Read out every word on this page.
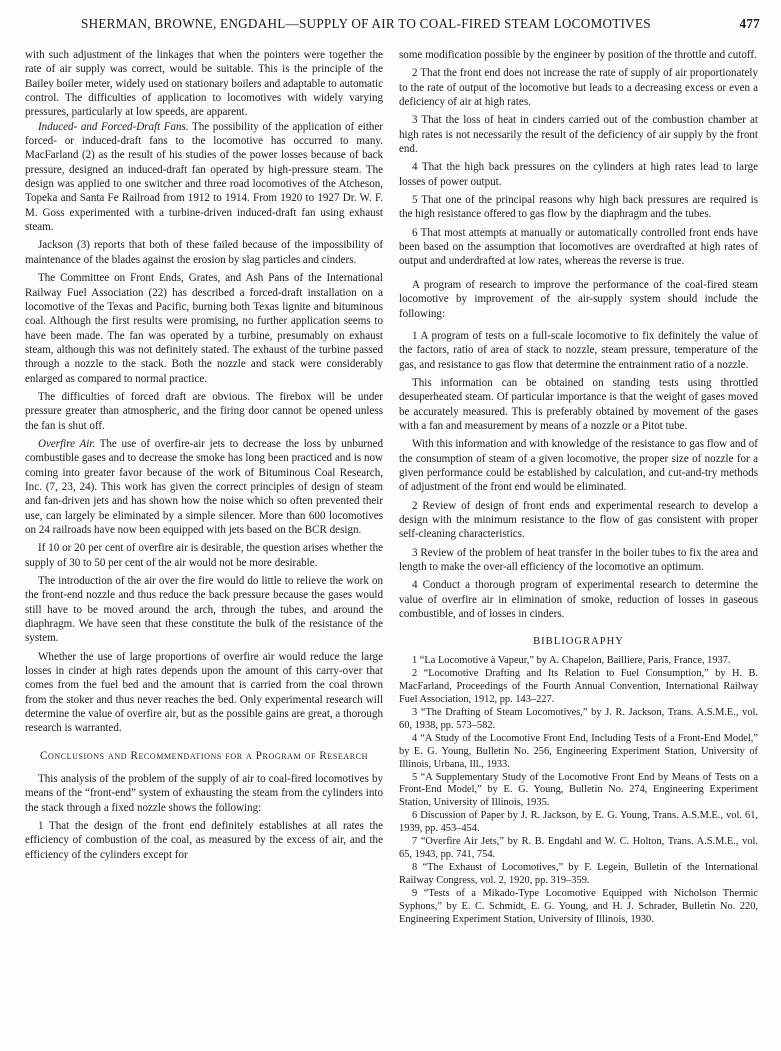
SHERMAN, BROWNE, ENGDAHL—SUPPLY OF AIR TO COAL-FIRED STEAM LOCOMOTIVES	477

with such adjustment of the linkages that when the pointers were together the rate of air supply was correct, would be suitable. This is the principle of the Bailey boiler meter, widely used on stationary boilers and adaptable to automatic control. The difficulties of application to locomotives with widely varying pressures, particularly at low speeds, are apparent.

Induced- and Forced-Draft Fans. The possibility of the application of either forced- or induced-draft fans to the locomotive has occurred to many. MacFarland (2) as the result of his studies of the power losses because of back pressure, designed an induced-draft fan operated by high-pressure steam. The design was applied to one switcher and three road locomotives of the Atcheson, Topeka and Santa Fe Railroad from 1912 to 1914. From 1920 to 1927 Dr. W. F. M. Goss experimented with a turbine-driven induced-draft fan using exhaust steam.

Jackson (3) reports that both of these failed because of the impossibility of maintenance of the blades against the erosion by slag particles and cinders.

The Committee on Front Ends, Grates, and Ash Pans of the International Railway Fuel Association (22) has described a forced-draft installation on a locomotive of the Texas and Pacific, burning both Texas lignite and bituminous coal. Although the first results were promising, no further application seems to have been made. The fan was operated by a turbine, presumably on exhaust steam, although this was not definitely stated. The exhaust of the turbine passed through a nozzle to the stack. Both the nozzle and stack were considerably enlarged as compared to normal practice.

The difficulties of forced draft are obvious. The firebox will be under pressure greater than atmospheric, and the firing door cannot be opened unless the fan is shut off.

Overfire Air. The use of overfire-air jets to decrease the loss by unburned combustible gases and to decrease the smoke has long been practiced and is now coming into greater favor because of the work of Bituminous Coal Research, Inc. (7, 23, 24). This work has given the correct principles of design of steam and fan-driven jets and has shown how the noise which so often prevented their use, can largely be eliminated by a simple silencer. More than 600 locomotives on 24 railroads have now been equipped with jets based on the BCR design.

If 10 or 20 per cent of overfire air is desirable, the question arises whether the supply of 30 to 50 per cent of the air would not be more desirable.

The introduction of the air over the fire would do little to relieve the work on the front-end nozzle and thus reduce the back pressure because the gases would still have to be moved around the arch, through the tubes, and around the diaphragm. We have seen that these constitute the bulk of the resistance of the system.

Whether the use of large proportions of overfire air would reduce the large losses in cinder at high rates depends upon the amount of this carry-over that comes from the fuel bed and the amount that is carried from the coal thrown from the stoker and thus never reaches the bed. Only experimental research will determine the value of overfire air, but as the possible gains are great, a thorough research is warranted.

Conclusions and Recommendations for a Program of Research

This analysis of the problem of the supply of air to coal-fired locomotives by means of the “front-end” system of exhausting the steam from the cylinders into the stack through a fixed nozzle shows the following:

1 That the design of the front end definitely establishes at all rates the efficiency of combustion of the coal, as measured by the excess of air, and the efficiency of the cylinders except for

some modification possible by the engineer by position of the throttle and cutoff.

2 That the front end does not increase the rate of supply of air proportionately to the rate of output of the locomotive but leads to a decreasing excess or even a deficiency of air at high rates.

3 That the loss of heat in cinders carried out of the combustion chamber at high rates is not necessarily the result of the deficiency of air supply by the front end.

4 That the high back pressures on the cylinders at high rates lead to large losses of power output.

5 That one of the principal reasons why high back pressures are required is the high resistance offered to gas flow by the diaphragm and the tubes.

6 That most attempts at manually or automatically controlled front ends have been based on the assumption that locomotives are overdrafted at high rates of output and underdrafted at low rates, whereas the reverse is true.

A program of research to improve the performance of the coal-fired steam locomotive by improvement of the air-supply system should include the following:

1 A program of tests on a full-scale locomotive to fix definitely the value of the factors, ratio of area of stack to nozzle, steam pressure, temperature of the gas, and resistance to gas flow that determine the entrainment ratio of a nozzle.

This information can be obtained on standing tests using throttled desuperheated steam. Of particular importance is that the weight of gases moved be accurately measured. This is preferably obtained by movement of the gases with a fan and measurement by means of a nozzle or a Pitot tube.

With this information and with knowledge of the resistance to gas flow and of the consumption of steam of a given locomotive, the proper size of nozzle for a given performance could be established by calculation, and cut-and-try methods of adjustment of the front end would be eliminated.

2 Review of design of front ends and experimental research to develop a design with the minimum resistance to the flow of gas consistent with proper self-cleaning characteristics.

3 Review of the problem of heat transfer in the boiler tubes to fix the area and length to make the over-all efficiency of the locomotive an optimum.

4 Conduct a thorough program of experimental research to determine the value of overfire air in elimination of smoke, reduction of losses in gaseous combustible, and of losses in cinders.

BIBLIOGRAPHY

1 “La Locomotive à Vapeur,” by A. Chapelon, Bailliere, Paris, France, 1937.

2 “Locomotive Drafting and Its Relation to Fuel Consumption,” by H. B. MacFarland, Proceedings of the Fourth Annual Convention, International Railway Fuel Association, 1912, pp. 143–227.

3 “The Drafting of Steam Locomotives,” by J. R. Jackson, Trans. A.S.M.E., vol. 60, 1938, pp. 573–582.

4 “A Study of the Locomotive Front End, Including Tests of a Front-End Model,” by E. G. Young, Bulletin No. 256, Engineering Experiment Station, University of Illinois, Urbana, Ill., 1933.

5 “A Supplementary Study of the Locomotive Front End by Means of Tests on a Front-End Model,” by E. G. Young, Bulletin No. 274, Engineering Experiment Station, University of Illinois, 1935.

6 Discussion of Paper by J. R. Jackson, by E. G. Young, Trans. A.S.M.E., vol. 61, 1939, pp. 453–454.

7 “Overfire Air Jets,” by R. B. Engdahl and W. C. Holton, Trans. A.S.M.E., vol. 65, 1943, pp. 741, 754.

8 “The Exhaust of Locomotives,” by F. Legein, Bulletin of the International Railway Congress, vol. 2, 1920, pp. 319–359.

9 “Tests of a Mikado-Type Locomotive Equipped with Nicholson Thermic Syphons,” by E. C. Schmidt, E. G. Young, and H. J. Schrader, Bulletin No. 220, Engineering Experiment Station, University of Illinois, 1930.
